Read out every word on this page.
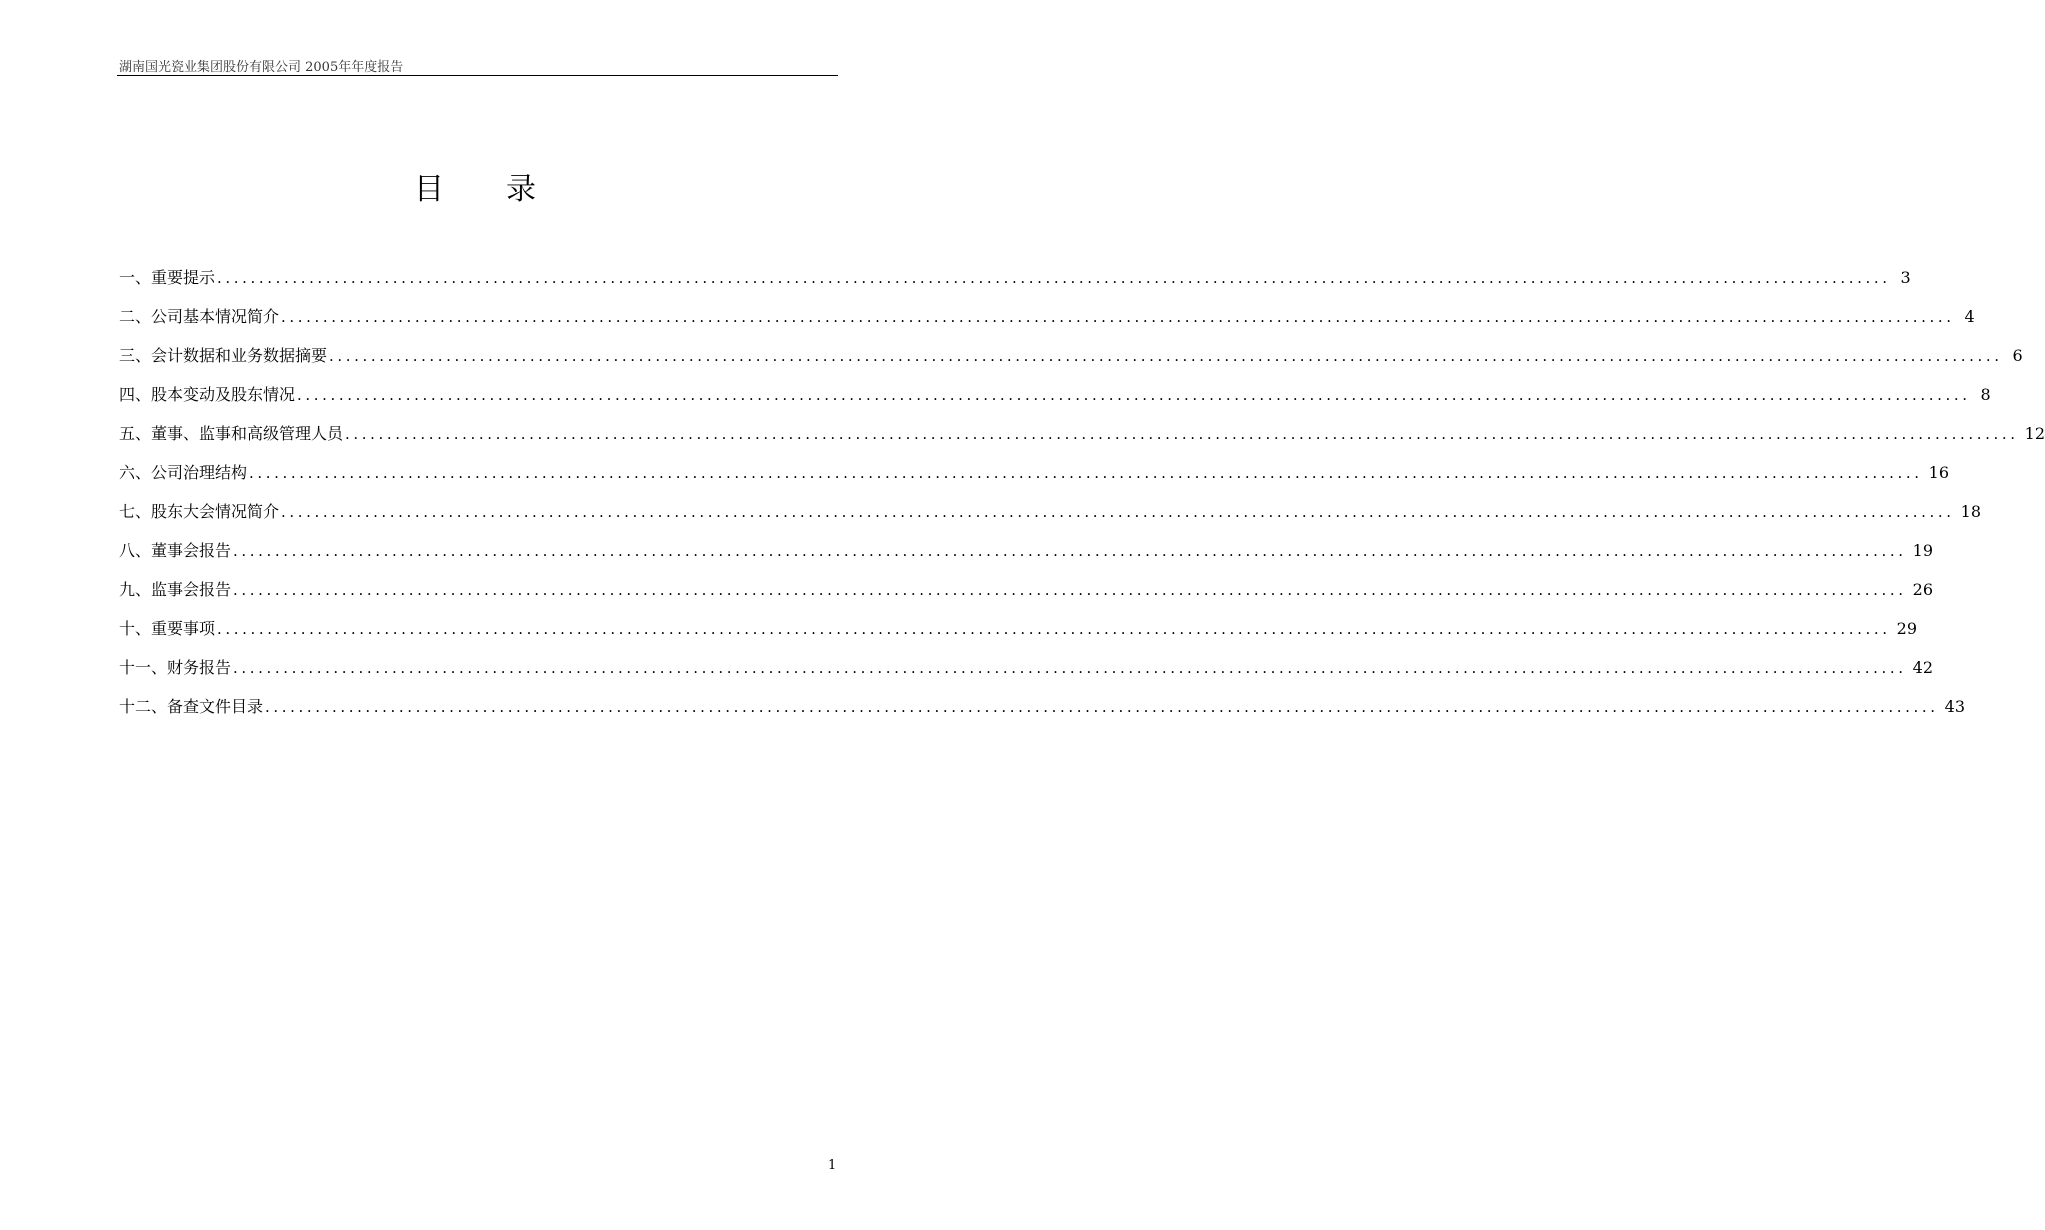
湖南国光瓷业集团股份有限公司 2005年年度报告
目 录
一、重要提示 ........................................................................................................................................................................................................ 3
二、公司基本情况简介 ........................................................................................................................................................................................................ 4
三、会计数据和业务数据摘要 ........................................................................................................................................................................................................ 6
四、股本变动及股东情况 ........................................................................................................................................................................................................ 8
五、董事、监事和高级管理人员 ........................................................................................................................................................................................................ 12
六、公司治理结构 ........................................................................................................................................................................................................ 16
七、股东大会情况简介 ........................................................................................................................................................................................................ 18
八、董事会报告 ........................................................................................................................................................................................................ 19
九、监事会报告 ........................................................................................................................................................................................................ 26
十、重要事项 ........................................................................................................................................................................................................ 29
十一、财务报告 ........................................................................................................................................................................................................ 42
十二、备查文件目录 ........................................................................................................................................................................................................ 43
1
